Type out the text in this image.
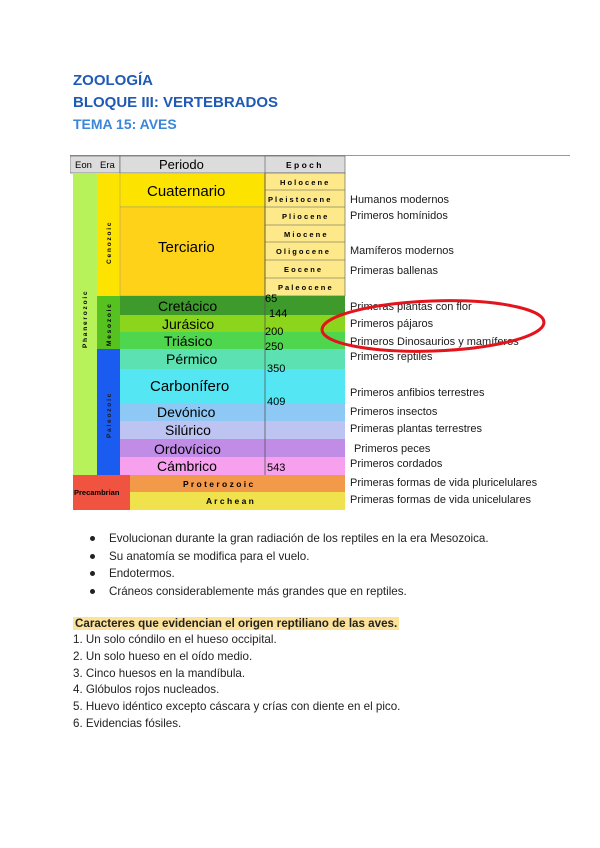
ZOOLOGÍA
BLOQUE III: VERTEBRADOS
TEMA 15: AVES
Eon Era	Periodo	E p o c h
P h a n e r o z o i c
C e n o z o i c
M e s o z o i c
P a l e o z o i c
Cuaternario
Terciario
Cretácico
Jurásico
Triásico
Pérmico
Carbonífero
Devónico
Silúrico
Ordovícico
Cámbrico
H o l o c e n e
P l e i s t o c e n e
P l i o c e n e
M i o c e n e
O l i g o c e n e
E o c e n e
P a l e o c e n e
65
144
200
250
350
409
543
Precambrian
P r o t e r o z o i c
A r c h e a n
Humanos modernos
Primeros homínidos
Mamíferos modernos
Primeras ballenas
Primeras plantas con flor
Primeros pájaros
Primeros Dinosaurios y mamíferos
Primeros reptiles
Primeros anfibios terrestres
Primeros insectos
Primeras plantas terrestres
Primeros peces
Primeros cordados
Primeras formas de vida pluricelulares
Primeras formas de vida unicelulares
Evolucionan durante la gran radiación de los reptiles en la era Mesozoica.
Su anatomía se modifica para el vuelo.
Endotermos.
Cráneos considerablemente más grandes que en reptiles.
Caracteres que evidencian el origen reptiliano de las aves.
1. Un solo cóndilo en el hueso occipital.
2. Un solo hueso en el oído medio.
3. Cinco huesos en la mandíbula.
4. Glóbulos rojos nucleados.
5. Huevo idéntico excepto cáscara y crías con diente en el pico.
6. Evidencias fósiles.
